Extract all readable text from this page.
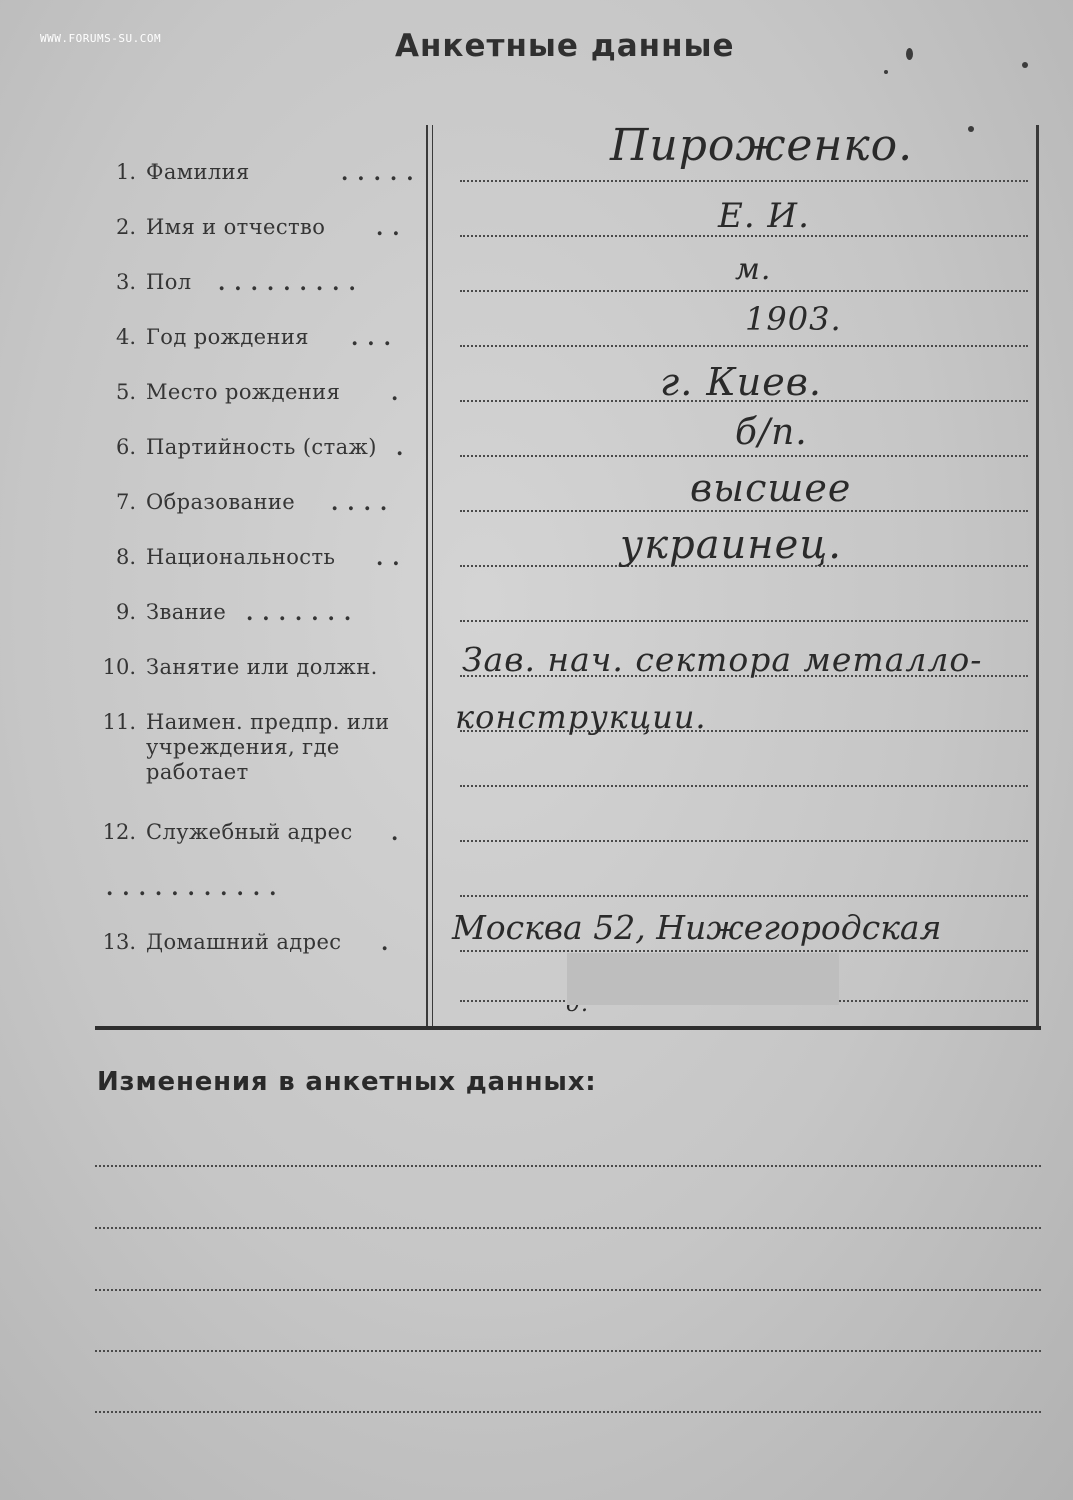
WWW.FORUMS-SU.COM	Анкетные данные
1. Фамилия	.....
2. Имя и отчество ..
3. Пол .........
4. Год рождения ...
5. Место рождения .
6. Партийность (стаж) .
7. Образование ....
8. Национальность ..
9. Звание .......
10. Занятие или должн.
11. Наимен. предпр. или учреждения, где работает
12. Служебный адрес .
...........
13. Домашний адрес .
Пироженко.
Е. И.
м.
1903.
г. Киев.
б/п.
высшее
украинец.
Зав. нач. сектора металло-
конструкции.
Москва 52, Нижегородская
Изменения в анкетных данных:
